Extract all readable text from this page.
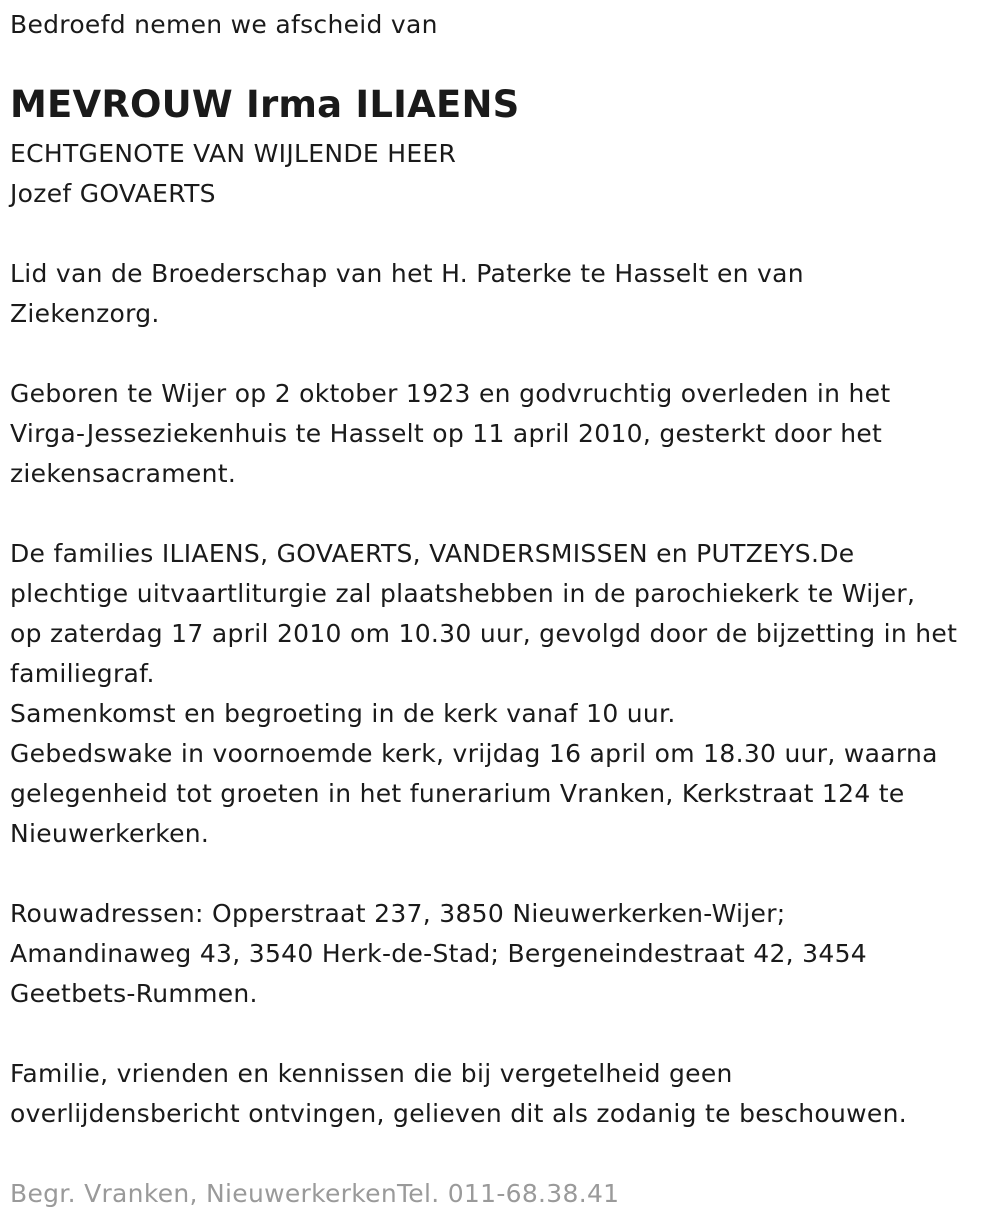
Bedroefd nemen we afscheid van
MEVROUW Irma ILIAENS
ECHTGENOTE VAN WIJLENDE HEER
Jozef GOVAERTS
Lid van de Broederschap van het H. Paterke te Hasselt en van
Ziekenzorg.
Geboren te Wijer op 2 oktober 1923 en godvruchtig overleden in het
Virga-Jesseziekenhuis te Hasselt op 11 april 2010, gesterkt door het
ziekensacrament.
De families ILIAENS, GOVAERTS, VANDERSMISSEN en PUTZEYS.De
plechtige uitvaartliturgie zal plaatshebben in de parochiekerk te Wijer,
op zaterdag 17 april 2010 om 10.30 uur, gevolgd door de bijzetting in het
familiegraf.
Samenkomst en begroeting in de kerk vanaf 10 uur.
Gebedswake in voornoemde kerk, vrijdag 16 april om 18.30 uur, waarna
gelegenheid tot groeten in het funerarium Vranken, Kerkstraat 124 te
Nieuwerkerken.
Rouwadressen: Opperstraat 237, 3850 Nieuwerkerken-Wijer;
Amandinaweg 43, 3540 Herk-de-Stad; Bergeneindestraat 42, 3454
Geetbets-Rummen.
Familie, vrienden en kennissen die bij vergetelheid geen
overlijdensbericht ontvingen, gelieven dit als zodanig te beschouwen.
Begr. Vranken, NieuwerkerkenTel. 011-68.38.41
